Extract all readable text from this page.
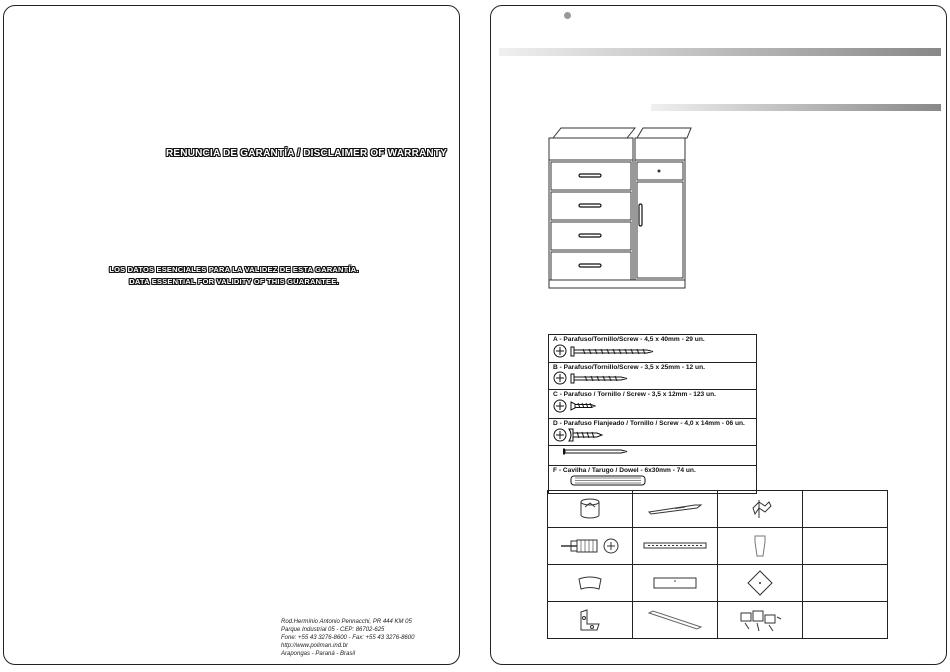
RENUNCIA DE GARANTÍA / DISCLAIMER OF WARRANTY
LOS DATOS ESENCIALES PARA LA VALIDEZ DE ESTA GARANTÍA.
DATA ESSENTIAL FOR VALIDITY OF THIS GUARANTEE.
Rod.Hermínio Antonio Pennacchi, PR 444 KM 05
Parque Industrial 05 - CEP: 86702-625
Fone: +55 43 3276-8600 - Fax: +55 43 3276-8600
http://www.poliman.ind.br
Arapongas - Paraná - Brasil
A - Parafuso/Tornillo/Screw - 4,5 x 40mm - 29 un.
B - Parafuso/Tornillo/Screw - 3,5 x 25mm - 12 un.
C - Parafuso / Tornillo / Screw - 3,5 x 12mm - 123 un.
D - Parafuso Flanjeado / Tornillo / Screw - 4,0 x 14mm - 06 un.
F - Cavilha / Tarugo / Dowel - 6x30mm - 74 un.
